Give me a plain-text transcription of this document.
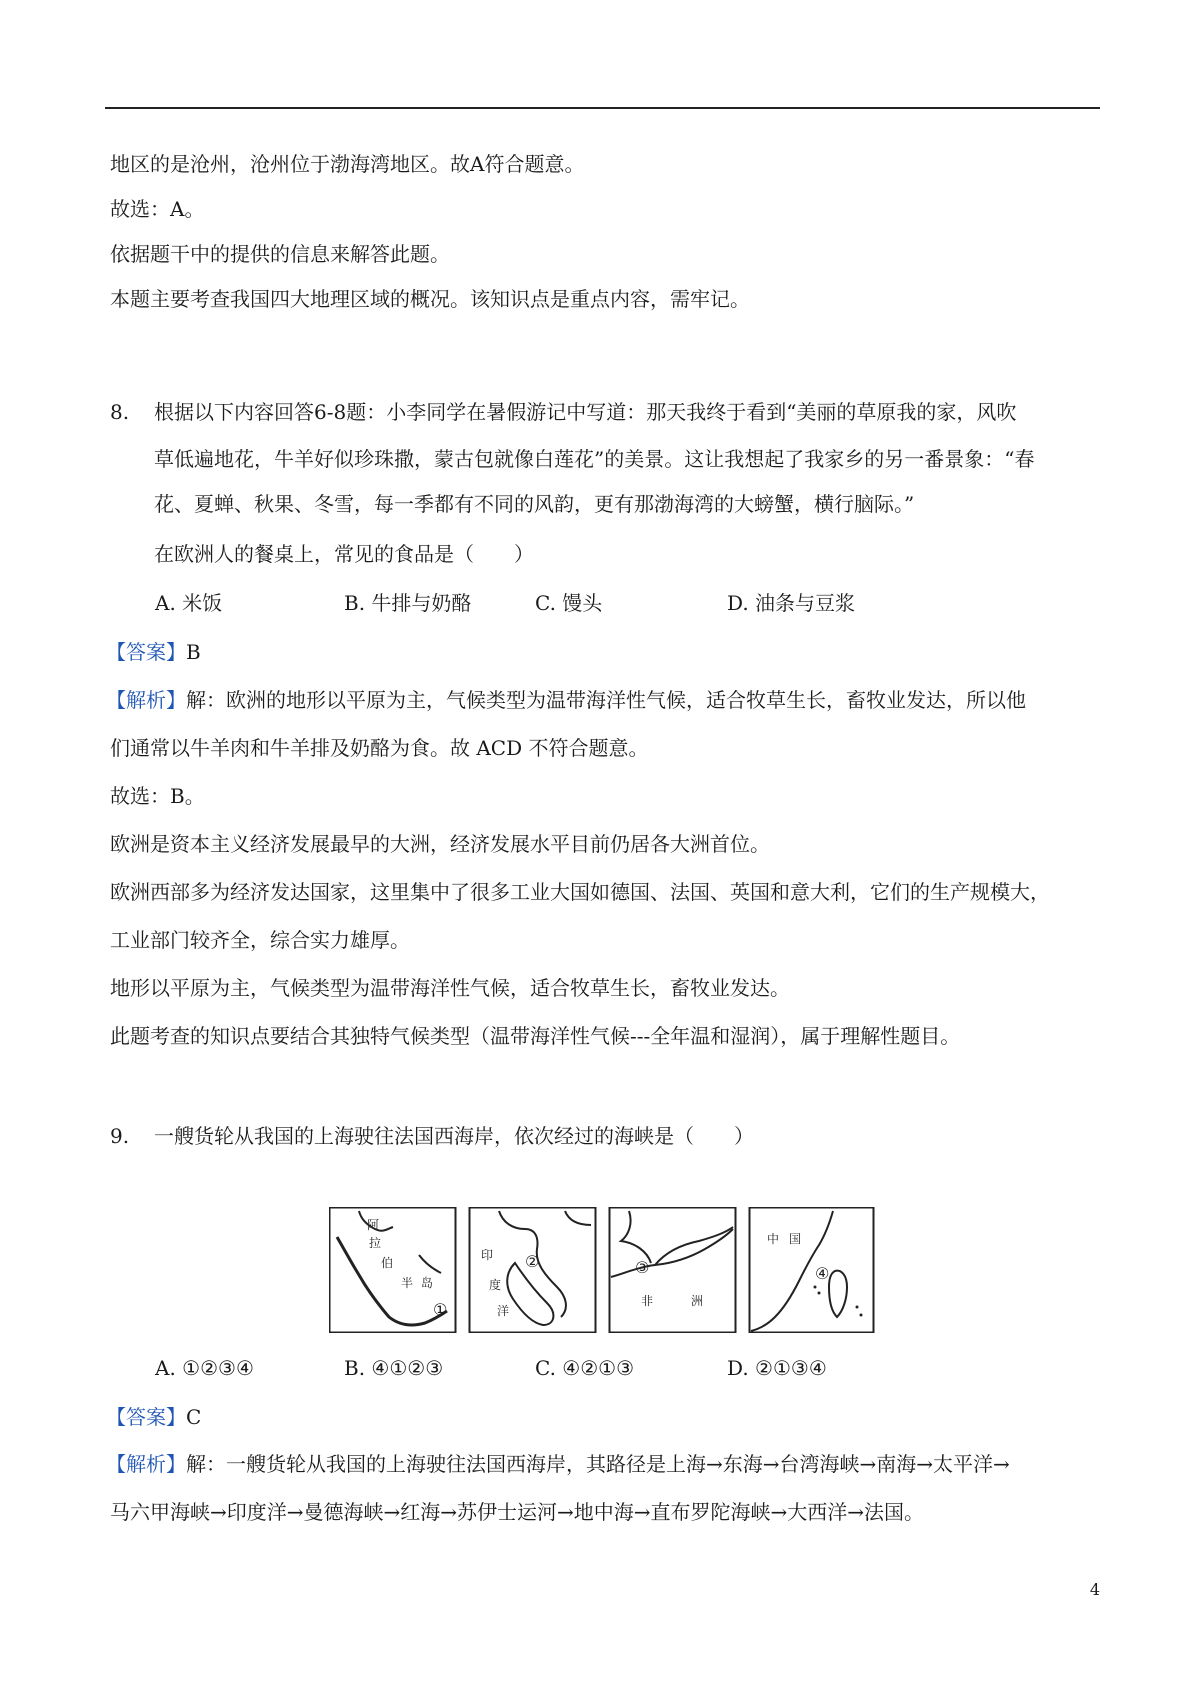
地区的是沧州，沧州位于渤海湾地区。故A符合题意。
故选：A。
依据题干中的提供的信息来解答此题。
本题主要考查我国四大地理区域的概况。该知识点是重点内容，需牢记。
8. 根据以下内容回答6-8题：小李同学在暑假游记中写道：那天我终于看到“美丽的草原我的家，风吹
草低遍地花，牛羊好似珍珠撒，蒙古包就像白莲花”的美景。这让我想起了我家乡的另一番景象：“春
花、夏蝉、秋果、冬雪，每一季都有不同的风韵，更有那渤海湾的大螃蟹，横行脑际。”
在欧洲人的餐桌上，常见的食品是（　　）
A. 米饭	B. 牛排与奶酪	C. 馒头	D. 油条与豆浆
【答案】B
【解析】解：欧洲的地形以平原为主，气候类型为温带海洋性气候，适合牧草生长，畜牧业发达，所以他
们通常以牛羊肉和牛羊排及奶酪为食。故 ACD 不符合题意。
故选：B。
欧洲是资本主义经济发展最早的大洲，经济发展水平目前仍居各大洲首位。
欧洲西部多为经济发达国家，这里集中了很多工业大国如德国、法国、英国和意大利，它们的生产规模大，
工业部门较齐全，综合实力雄厚。
地形以平原为主，气候类型为温带海洋性气候，适合牧草生长，畜牧业发达。
此题考查的知识点要结合其独特气候类型（温带海洋性气候---全年温和湿润），属于理解性题目。
9. 一艘货轮从我国的上海驶往法国西海岸，依次经过的海峡是（　　）
阿
拉
伯
半 岛
①
印
度
洋
②
非	洲
③
中 国
④
A. ①②③④	B. ④①②③	C. ④②①③	D. ②①③④
【答案】C
【解析】解：一艘货轮从我国的上海驶往法国西海岸，其路径是上海→东海→台湾海峡→南海→太平洋→
马六甲海峡→印度洋→曼德海峡→红海→苏伊士运河→地中海→直布罗陀海峡→大西洋→法国。
4
